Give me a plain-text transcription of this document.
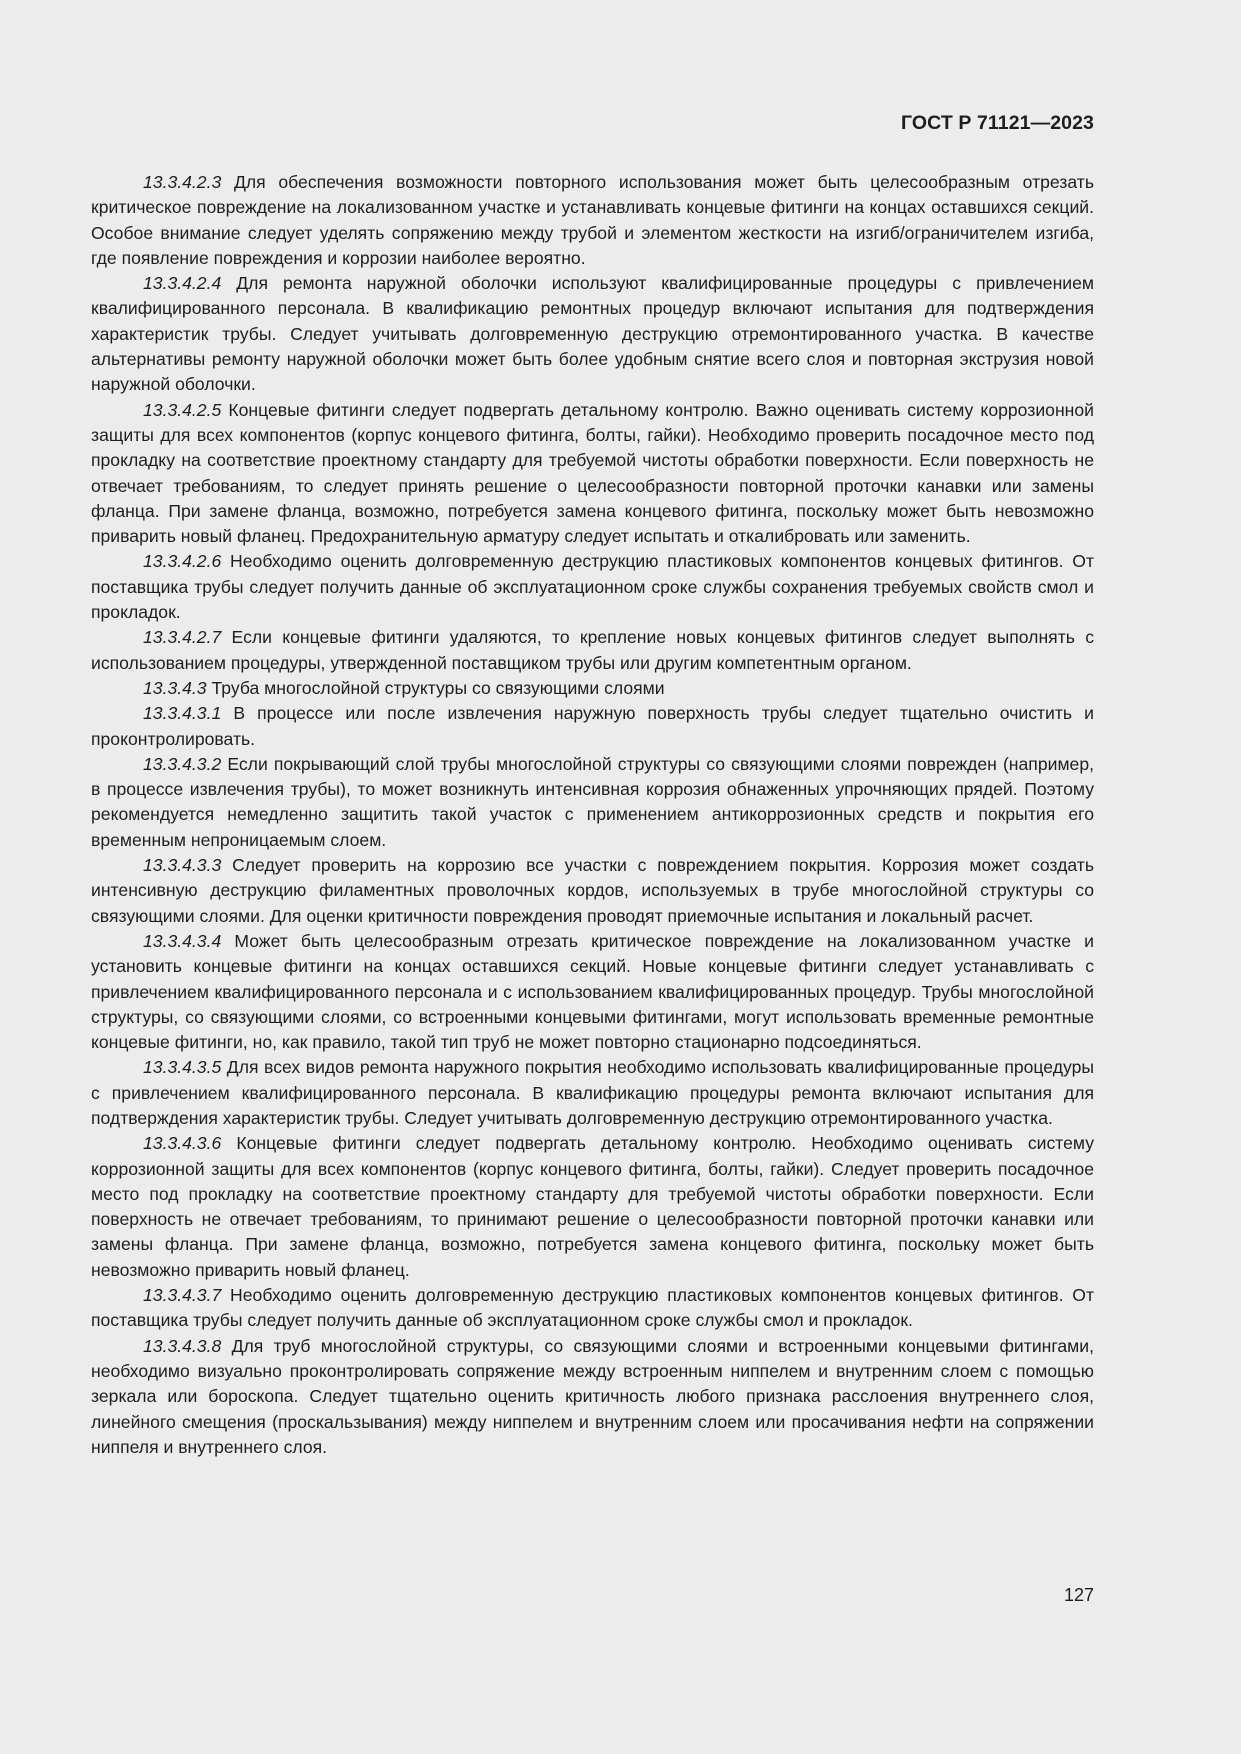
ГОСТ Р 71121—2023

13.3.4.2.3 Для обеспечения возможности повторного использования может быть целесообразным отрезать критическое повреждение на локализованном участке и устанавливать концевые фитинги на концах оставшихся секций. Особое внимание следует уделять сопряжению между трубой и элементом жесткости на изгиб/ограничителем изгиба, где появление повреждения и коррозии наиболее вероятно.

13.3.4.2.4 Для ремонта наружной оболочки используют квалифицированные процедуры с привлечением квалифицированного персонала. В квалификацию ремонтных процедур включают испытания для подтверждения характеристик трубы. Следует учитывать долговременную деструкцию отремонтированного участка. В качестве альтернативы ремонту наружной оболочки может быть более удобным снятие всего слоя и повторная экструзия новой наружной оболочки.

13.3.4.2.5 Концевые фитинги следует подвергать детальному контролю. Важно оценивать систему коррозионной защиты для всех компонентов (корпус концевого фитинга, болты, гайки). Необходимо проверить посадочное место под прокладку на соответствие проектному стандарту для требуемой чистоты обработки поверхности. Если поверхность не отвечает требованиям, то следует принять решение о целесообразности повторной проточки канавки или замены фланца. При замене фланца, возможно, потребуется замена концевого фитинга, поскольку может быть невозможно приварить новый фланец. Предохранительную арматуру следует испытать и откалибровать или заменить.

13.3.4.2.6 Необходимо оценить долговременную деструкцию пластиковых компонентов концевых фитингов. От поставщика трубы следует получить данные об эксплуатационном сроке службы сохранения требуемых свойств смол и прокладок.

13.3.4.2.7 Если концевые фитинги удаляются, то крепление новых концевых фитингов следует выполнять с использованием процедуры, утвержденной поставщиком трубы или другим компетентным органом.

13.3.4.3 Труба многослойной структуры со связующими слоями

13.3.4.3.1 В процессе или после извлечения наружную поверхность трубы следует тщательно очистить и проконтролировать.

13.3.4.3.2 Если покрывающий слой трубы многослойной структуры со связующими слоями поврежден (например, в процессе извлечения трубы), то может возникнуть интенсивная коррозия обнаженных упрочняющих прядей. Поэтому рекомендуется немедленно защитить такой участок с применением антикоррозионных средств и покрытия его временным непроницаемым слоем.

13.3.4.3.3 Следует проверить на коррозию все участки с повреждением покрытия. Коррозия может создать интенсивную деструкцию филаментных проволочных кордов, используемых в трубе многослойной структуры со связующими слоями. Для оценки критичности повреждения проводят приемочные испытания и локальный расчет.

13.3.4.3.4 Может быть целесообразным отрезать критическое повреждение на локализованном участке и установить концевые фитинги на концах оставшихся секций. Новые концевые фитинги следует устанавливать с привлечением квалифицированного персонала и с использованием квалифицированных процедур. Трубы многослойной структуры, со связующими слоями, со встроенными концевыми фитингами, могут использовать временные ремонтные концевые фитинги, но, как правило, такой тип труб не может повторно стационарно подсоединяться.

13.3.4.3.5 Для всех видов ремонта наружного покрытия необходимо использовать квалифицированные процедуры с привлечением квалифицированного персонала. В квалификацию процедуры ремонта включают испытания для подтверждения характеристик трубы. Следует учитывать долговременную деструкцию отремонтированного участка.

13.3.4.3.6 Концевые фитинги следует подвергать детальному контролю. Необходимо оценивать систему коррозионной защиты для всех компонентов (корпус концевого фитинга, болты, гайки). Следует проверить посадочное место под прокладку на соответствие проектному стандарту для требуемой чистоты обработки поверхности. Если поверхность не отвечает требованиям, то принимают решение о целесообразности повторной проточки канавки или замены фланца. При замене фланца, возможно, потребуется замена концевого фитинга, поскольку может быть невозможно приварить новый фланец.

13.3.4.3.7 Необходимо оценить долговременную деструкцию пластиковых компонентов концевых фитингов. От поставщика трубы следует получить данные об эксплуатационном сроке службы смол и прокладок.

13.3.4.3.8 Для труб многослойной структуры, со связующими слоями и встроенными концевыми фитингами, необходимо визуально проконтролировать сопряжение между встроенным ниппелем и внутренним слоем с помощью зеркала или бороскопа. Следует тщательно оценить критичность любого признака расслоения внутреннего слоя, линейного смещения (проскальзывания) между ниппелем и внутренним слоем или просачивания нефти на сопряжении ниппеля и внутреннего слоя.

127
